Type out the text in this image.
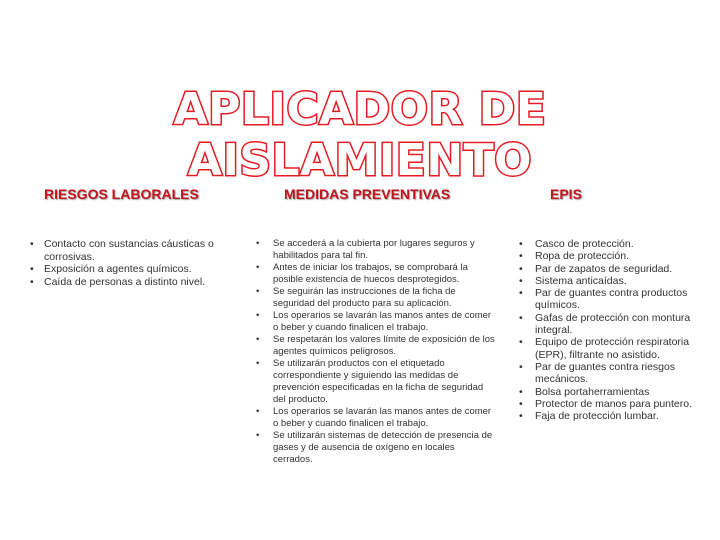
APLICADOR DE AISLAMIENTO
RIESGOS LABORALES	MEDIDAS PREVENTIVAS	EPIS
• Contacto con sustancias cáusticas o corrosivas.
• Exposición a agentes químicos.
• Caída de personas a distinto nivel.
• Se accederá a la cubierta por lugares seguros y habilitados para tal fin.
• Antes de iniciar los trabajos, se comprobará la posible existencia de huecos desprotegidos.
• Se seguirán las instrucciones de la ficha de seguridad del producto para su aplicación.
• Los operarios se lavarán las manos antes de comer o beber y cuando finalicen el trabajo.
• Se respetarán los valores límite de exposición de los agentes químicos peligrosos.
• Se utilizarán productos con el etiquetado correspondiente y siguiendo las medidas de prevención especificadas en la ficha de seguridad del producto.
• Los operarios se lavarán las manos antes de comer o beber y cuando finalicen el trabajo.
• Se utilizarán sistemas de detección de presencia de gases y de ausencia de oxígeno en locales cerrados.
• Casco de protección.
• Ropa de protección.
• Par de zapatos de seguridad.
• Sistema anticaídas.
• Par de guantes contra productos químicos.
• Gafas de protección con montura integral.
• Equipo de protección respiratoria (EPR), filtrante no asistido.
• Par de guantes contra riesgos mecánicos.
• Bolsa portaherramientas
• Protector de manos para puntero.
• Faja de protección lumbar.
